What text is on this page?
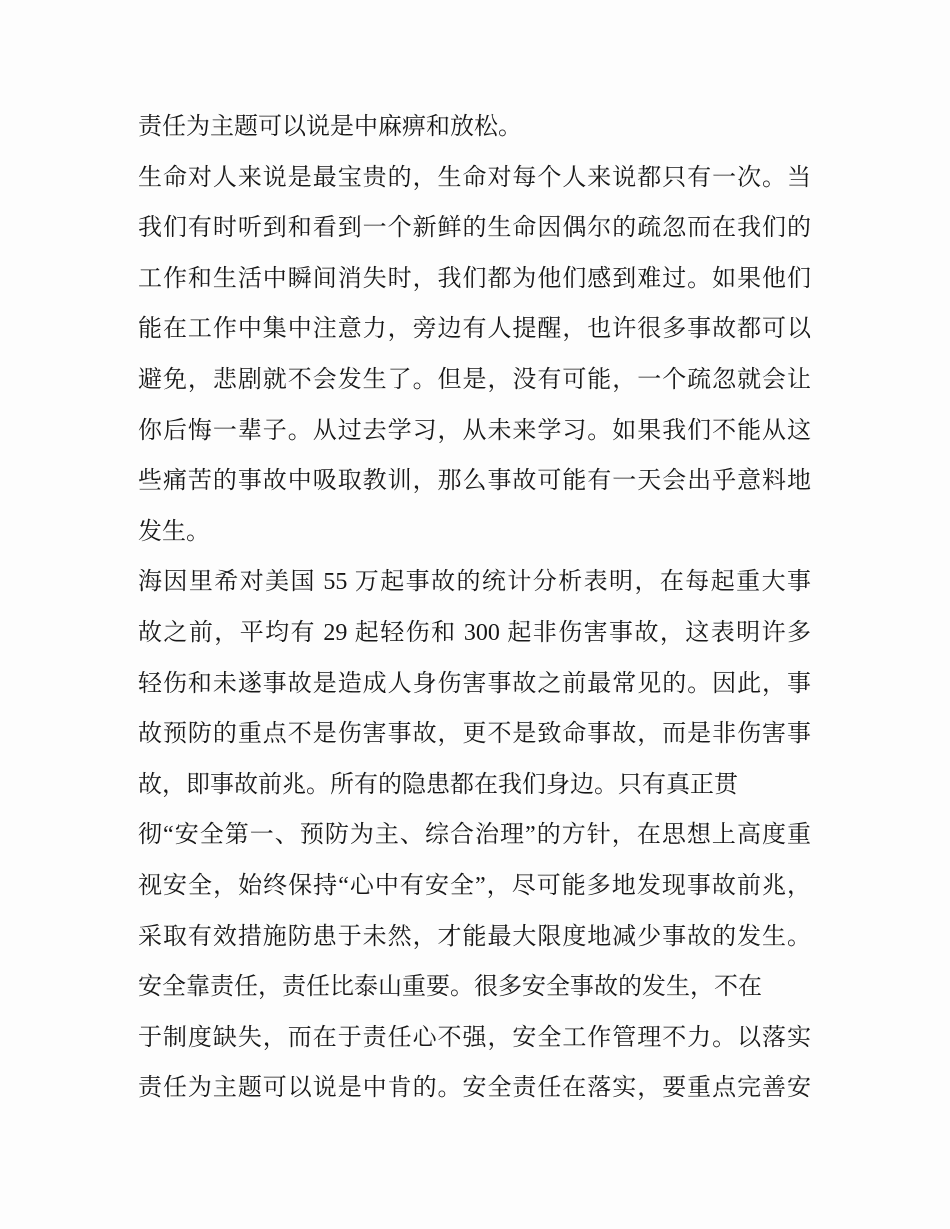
责任为主题可以说是中麻痹和放松。
生命对人来说是最宝贵的，生命对每个人来说都只有一次。当
我们有时听到和看到一个新鲜的生命因偶尔的疏忽而在我们的
工作和生活中瞬间消失时，我们都为他们感到难过。如果他们
能在工作中集中注意力，旁边有人提醒，也许很多事故都可以
避免，悲剧就不会发生了。但是，没有可能，一个疏忽就会让
你后悔一辈子。从过去学习，从未来学习。如果我们不能从这
些痛苦的事故中吸取教训，那么事故可能有一天会出乎意料地
发生。
海因里希对美国 55 万起事故的统计分析表明，在每起重大事
故之前，平均有 29 起轻伤和 300 起非伤害事故，这表明许多
轻伤和未遂事故是造成人身伤害事故之前最常见的。因此，事
故预防的重点不是伤害事故，更不是致命事故，而是非伤害事
故，即事故前兆。所有的隐患都在我们身边。只有真正贯
彻“安全第一、预防为主、综合治理”的方针，在思想上高度重
视安全，始终保持“心中有安全”，尽可能多地发现事故前兆，
采取有效措施防患于未然，才能最大限度地减少事故的发生。
安全靠责任，责任比泰山重要。很多安全事故的发生，不在
于制度缺失，而在于责任心不强，安全工作管理不力。以落实
责任为主题可以说是中肯的。安全责任在落实，要重点完善安
